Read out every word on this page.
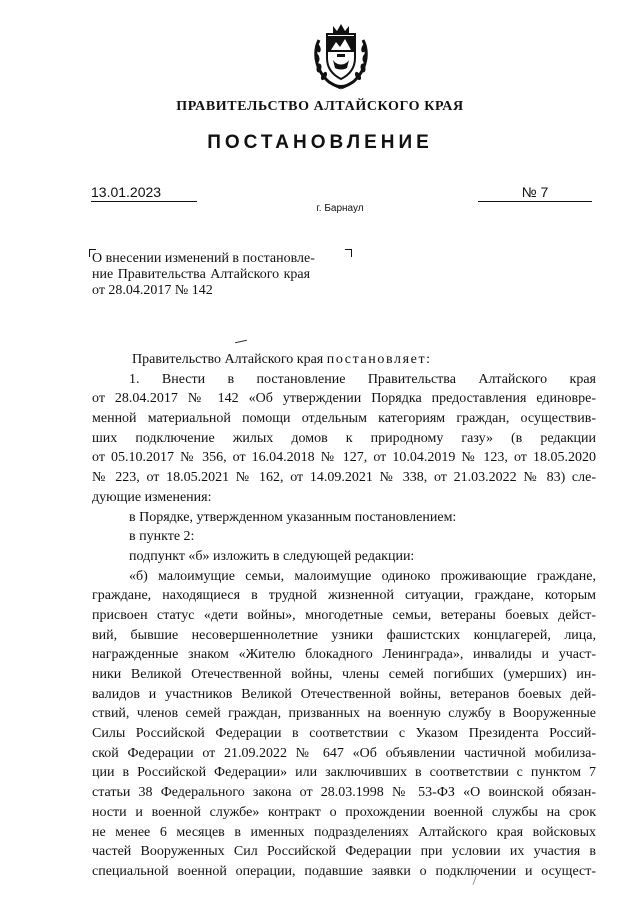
ПРАВИТЕЛЬСТВО АЛТАЙСКОГО КРАЯ
ПОСТАНОВЛЕНИЕ
13.01.2023	№ 7
г. Барнаул
О внесении изменений в постановле-
ние Правительства Алтайского края
от 28.04.2017 № 142
Правительство Алтайского края постановляет:
1. Внести в постановление Правительства Алтайского края
от 28.04.2017 № 142 «Об утверждении Порядка предоставления единовре-
менной материальной помощи отдельным категориям граждан, осуществив-
ших подключение жилых домов к природному газу» (в редакции
от 05.10.2017 № 356, от 16.04.2018 № 127, от 10.04.2019 № 123, от 18.05.2020
№ 223, от 18.05.2021 № 162, от 14.09.2021 № 338, от 21.03.2022 № 83) сле-
дующие изменения:
в Порядке, утвержденном указанным постановлением:
в пункте 2:
подпункт «б» изложить в следующей редакции:
«б) малоимущие семьи, малоимущие одиноко проживающие граждане,
граждане, находящиеся в трудной жизненной ситуации, граждане, которым
присвоен статус «дети войны», многодетные семьи, ветераны боевых дейст-
вий, бывшие несовершеннолетние узники фашистских концлагерей, лица,
награжденные знаком «Жителю блокадного Ленинграда», инвалиды и участ-
ники Великой Отечественной войны, члены семей погибших (умерших) ин-
валидов и участников Великой Отечественной войны, ветеранов боевых дей-
ствий, членов семей граждан, призванных на военную службу в Вооруженные
Силы Российской Федерации в соответствии с Указом Президента Россий-
ской Федерации от 21.09.2022 № 647 «Об объявлении частичной мобилиза-
ции в Российской Федерации» или заключивших в соответствии с пунктом 7
статьи 38 Федерального закона от 28.03.1998 № 53-ФЗ «О воинской обязан-
ности и военной службе» контракт о прохождении военной службы на срок
не менее 6 месяцев в именных подразделениях Алтайского края войсковых
частей Вооруженных Сил Российской Федерации при условии их участия в
специальной военной операции, подавшие заявки о подключении и осущест-
